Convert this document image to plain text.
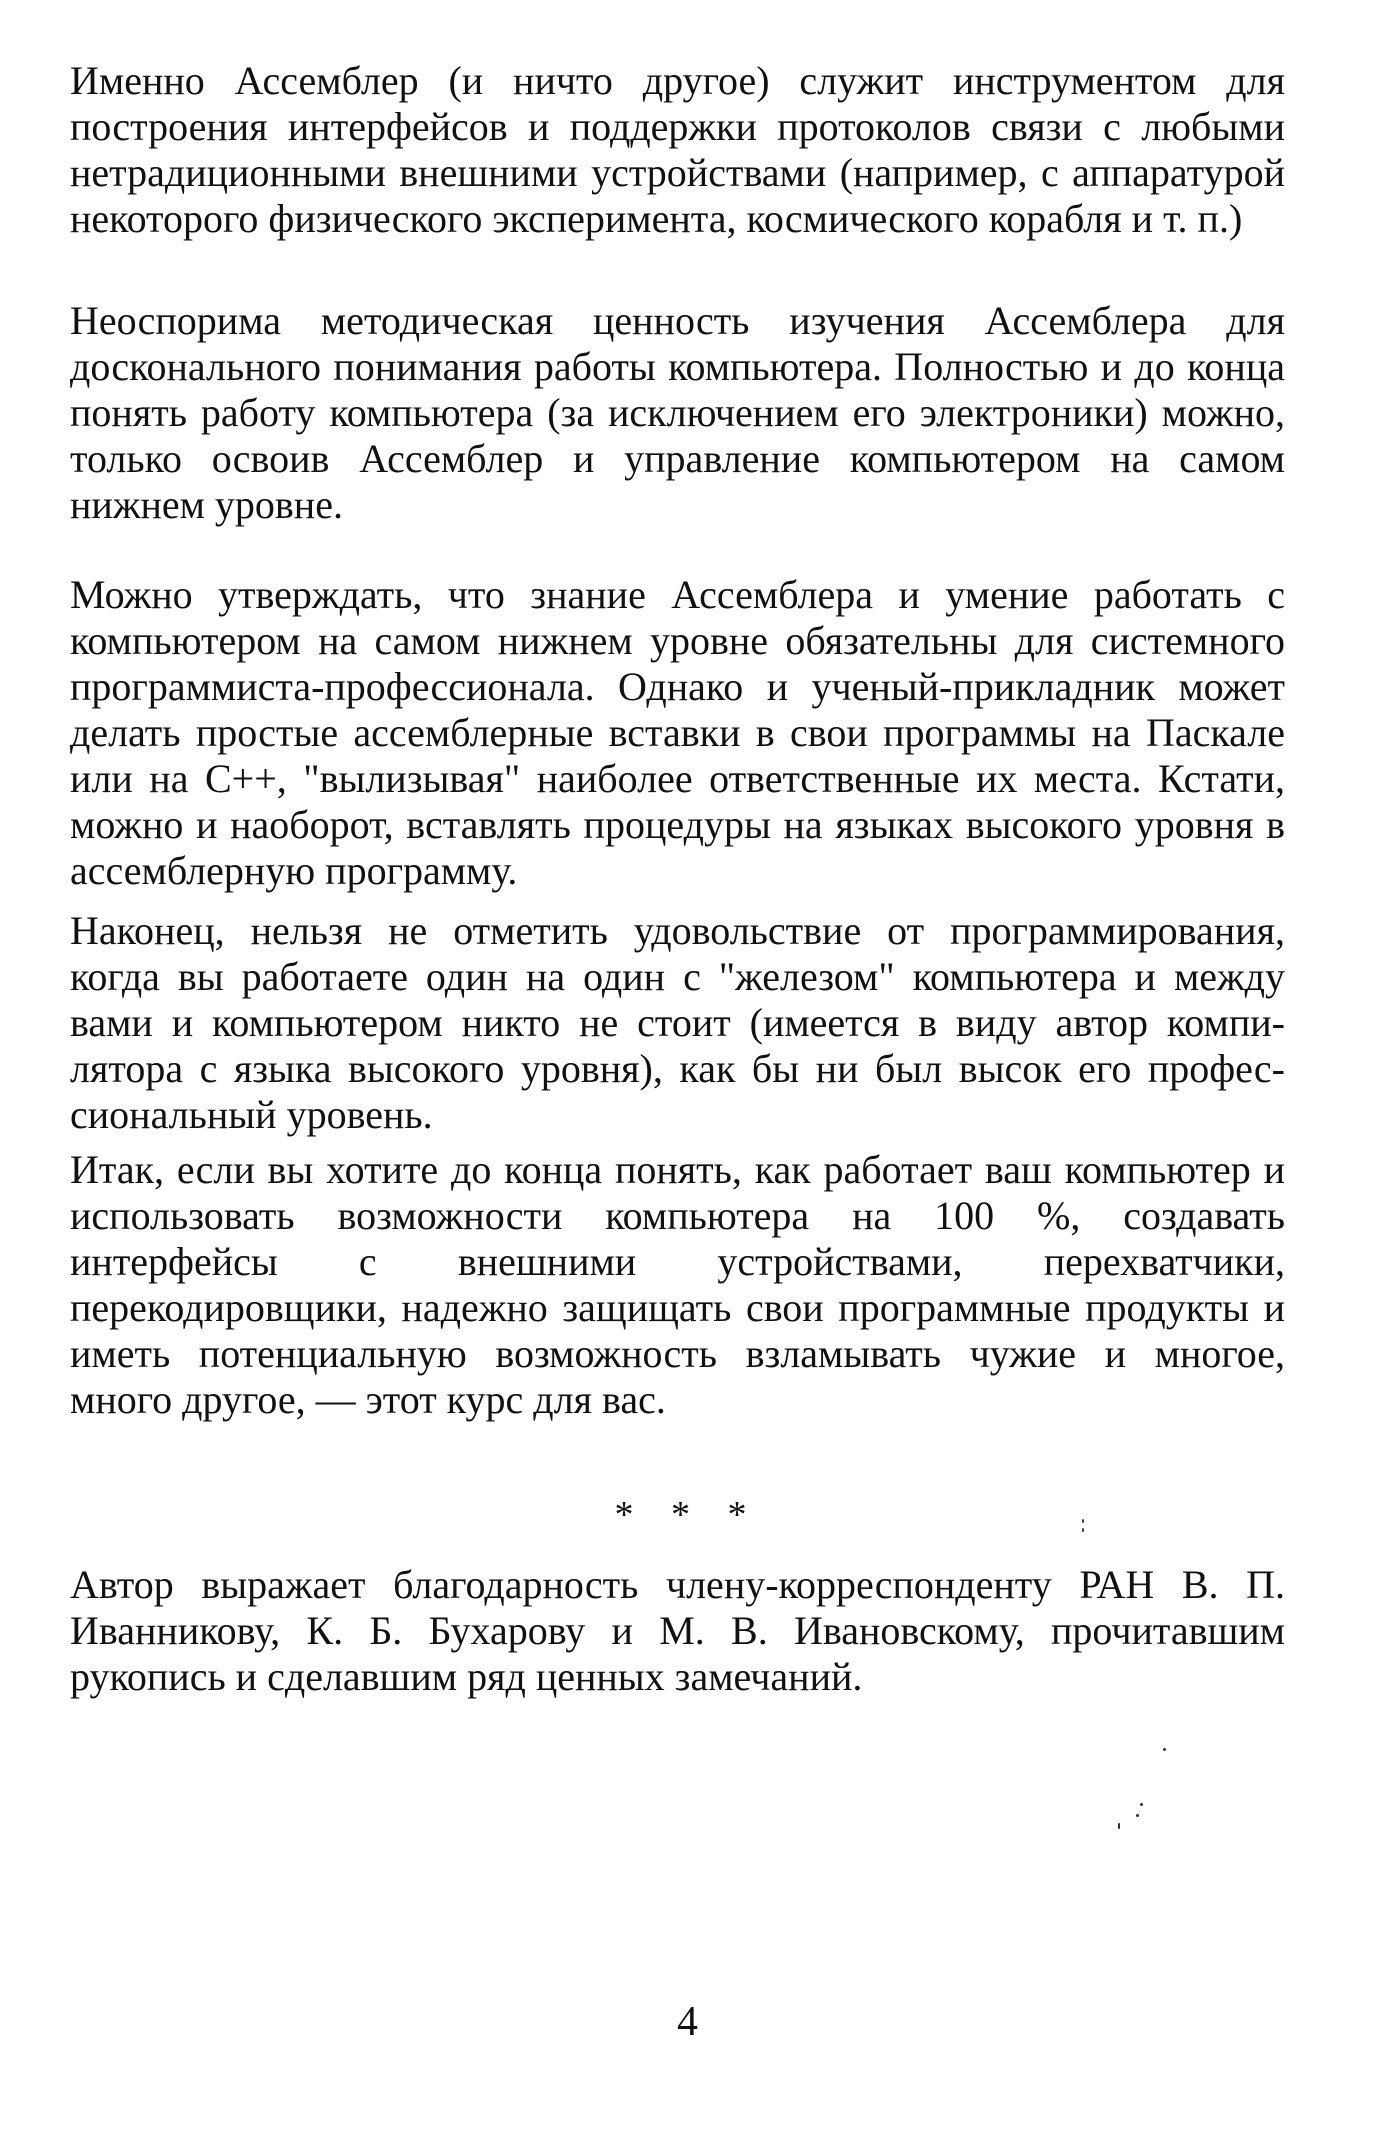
Именно Ассемблер (и ничто другое) служит инструментом для построения интерфейсов и поддержки протоколов связи с любыми нетрадиционными внешними устройствами (например, с аппаратурой некоторого физического эксперимента, космического корабля и т. п.)

Неоспорима методическая ценность изучения Ассемблера для досконального понимания работы компьютера. Полностью и до конца понять работу компьютера (за исключением его электроники) можно, только освоив Ассемблер и управление компьютером на самом нижнем уровне.

Можно утверждать, что знание Ассемблера и умение работать с компьютером на самом нижнем уровне обязательны для системного программиста-профессионала. Однако и ученый-прикладник может делать простые ассемблерные вставки в свои программы на Паскале или на С++, "вылизывая" наиболее ответственные их места. Кстати, можно и наоборот, вставлять процедуры на языках высокого уровня в ассемблерную программу.

Наконец, нельзя не отметить удовольствие от программирования, когда вы работаете один на один с "железом" компьютера и между вами и компьютером никто не стоит (имеется в виду автор компилятора с языка высокого уровня), как бы ни был высок его профессиональный уровень.

Итак, если вы хотите до конца понять, как работает ваш компьютер и использовать возможности компьютера на 100 %, создавать интерфейсы с внешними устройствами, перехватчики, перекодировщики, надежно защищать свои программные продукты и иметь потенциальную возможность взламывать чужие и многое, много другое, — этот курс для вас.

* * *

Автор выражает благодарность члену-корреспонденту РАН В. П. Иванникову, К. Б. Бухарову и М. В. Ивановскому, прочитавшим рукопись и сделавшим ряд ценных замечаний.

4
